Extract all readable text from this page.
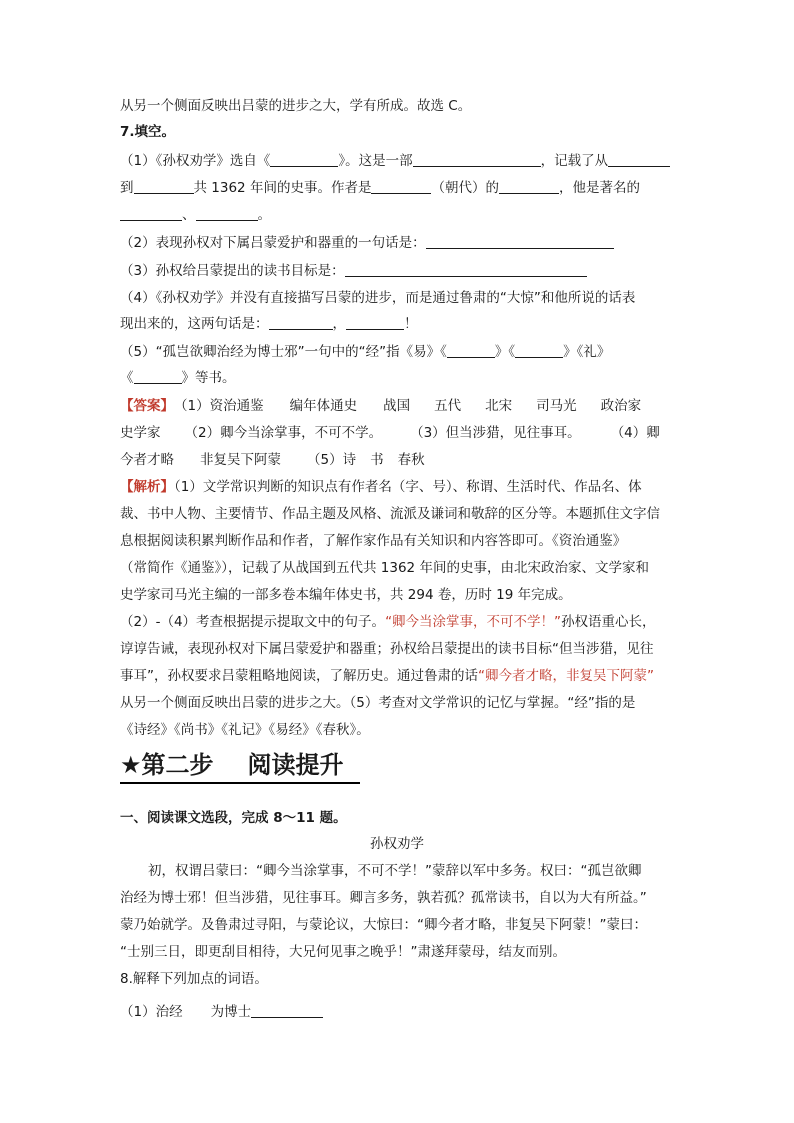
从另一个侧面反映出吕蒙的进步之大，学有所成。故选 C。
7.填空。
（1）《孙权劝学》选自《	》。这是一部	，记载了从
到	共 1362 年间的史事。作者是	（朝代）的	，他是著名的
、	。
（2）表现孙权对下属吕蒙爱护和器重的一句话是：
（3）孙权给吕蒙提出的读书目标是：
（4）《孙权劝学》并没有直接描写吕蒙的进步，而是通过鲁肃的“大惊”和他所说的话表
现出来的，这两句话是：	，	！
（5）“孤岂欲卿治经为博士邪”一句中的“经”指《易》《	》《	》《礼》
《	》等书。
【答案】（1）资治通鉴 编年体通史 战国 五代 北宋 司马光 政治家
史学家 （2）卿今当涂掌事，不可不学。 （3）但当涉猎，见往事耳。 （4）卿
今者才略 非复吴下阿蒙 （5）诗 书 春秋
【解析】（1）文学常识判断的知识点有作者名（字、号）、称谓、生活时代、作品名、体
裁、书中人物、主要情节、作品主题及风格、流派及谦词和敬辞的区分等。本题抓住文字信
息根据阅读积累判断作品和作者，了解作家作品有关知识和内容答即可。《资治通鉴》
（常简作《通鉴》），记载了从战国到五代共 1362 年间的史事，由北宋政治家、文学家和
史学家司马光主编的一部多卷本编年体史书，共 294 卷，历时 19 年完成。
（2）-（4）考查根据提示提取文中的句子。“卿今当涂掌事，不可不学！”孙权语重心长，
谆谆告诫，表现孙权对下属吕蒙爱护和器重；孙权给吕蒙提出的读书目标“但当涉猎，见往
事耳”，孙权要求吕蒙粗略地阅读，了解历史。通过鲁肃的话“卿今者才略，非复吴下阿蒙”
从另一个侧面反映出吕蒙的进步之大。（5）考查对文学常识的记忆与掌握。“经”指的是
《诗经》《尚书》《礼记》《易经》《春秋》。
★第二步 阅读提升
一、阅读课文选段，完成 8～11 题。
孙权劝学
初，权谓吕蒙曰：“卿今当涂掌事，不可不学！”蒙辞以军中多务。权曰：“孤岂欲卿
治经为博士邪！但当涉猎，见往事耳。卿言多务，孰若孤？孤常读书，自以为大有所益。”
蒙乃始就学。及鲁肃过寻阳，与蒙论议，大惊曰：“卿今者才略，非复吴下阿蒙！”蒙曰：
“士别三日，即更刮目相待，大兄何见事之晚乎！”肃遂拜蒙母，结友而别。
8.解释下列加点的词语。
（1）治经 为博士
